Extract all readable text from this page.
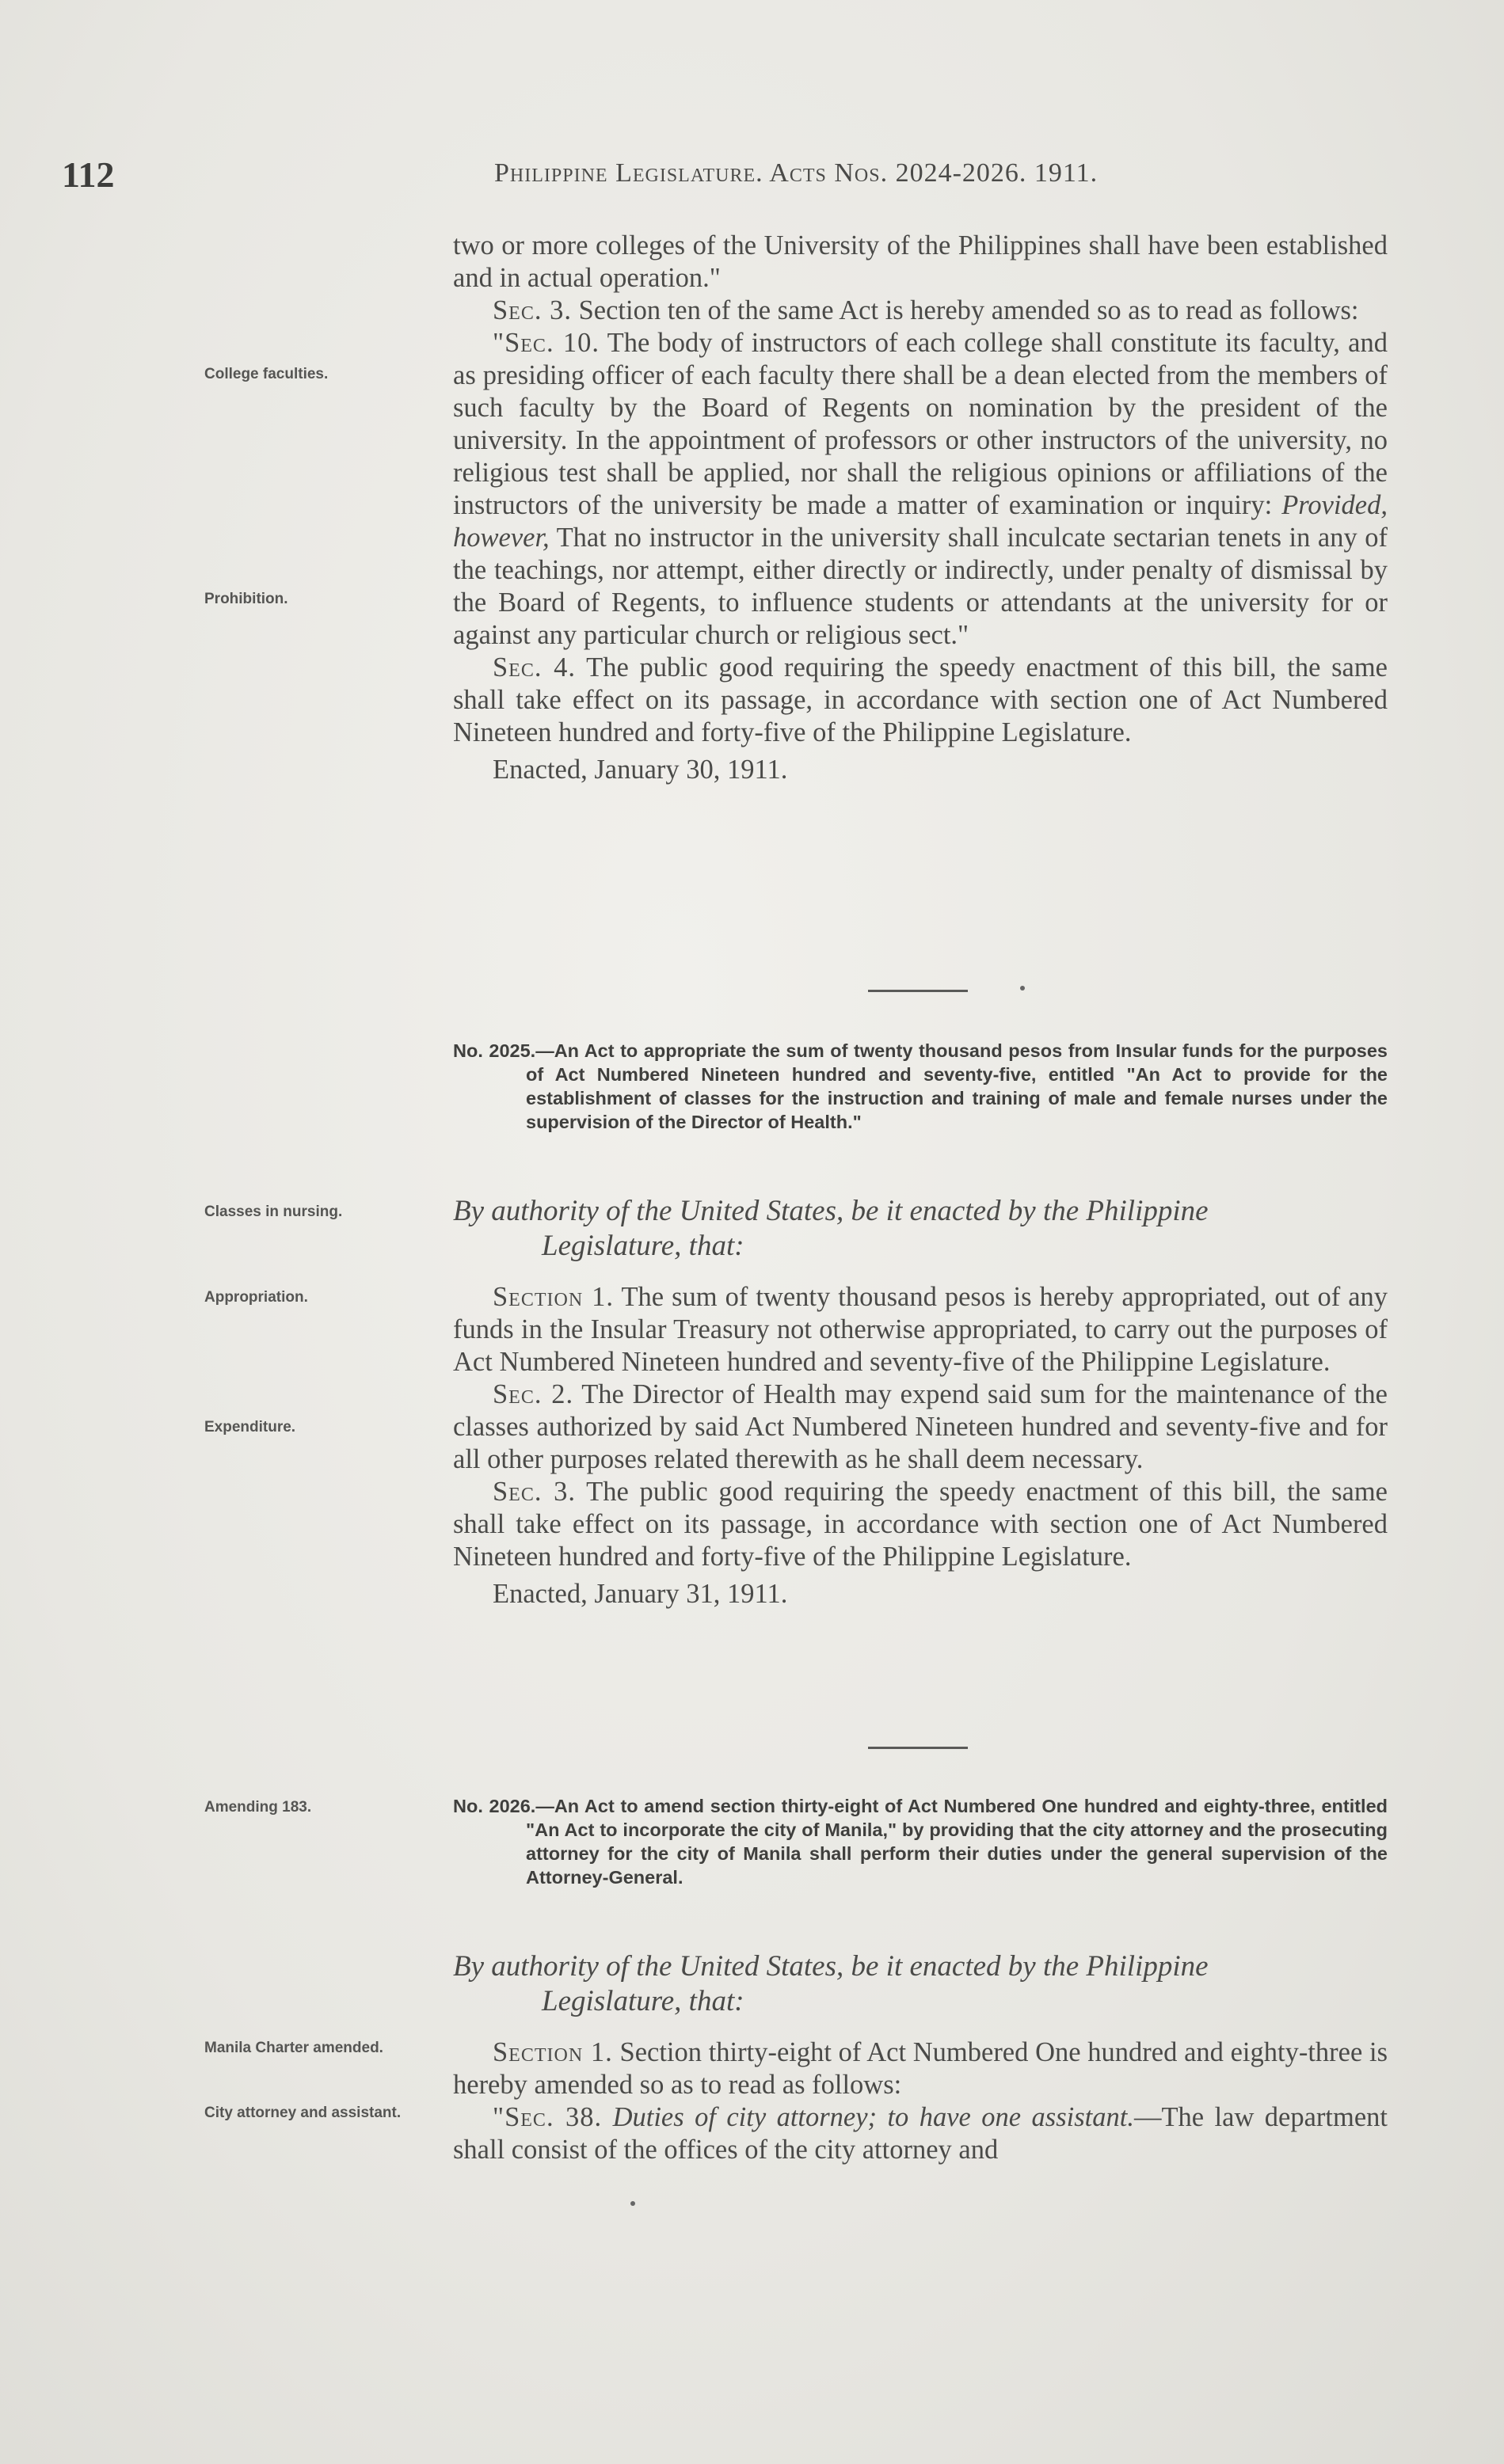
112	Philippine Legislature. Acts Nos. 2024-2026. 1911.

two or more colleges of the University of the Philippines shall have been established and in actual operation."

Sec. 3. Section ten of the same Act is hereby amended so as to read as follows:

"Sec. 10. The body of instructors of each college shall constitute its faculty, and as presiding officer of each faculty there shall be a dean elected from the members of such faculty by the Board of Regents on nomination by the president of the university. In the appointment of professors or other instructors of the university, no religious test shall be applied, nor shall the religious opinions or affiliations of the instructors of the university be made a matter of examination or inquiry: Provided, however, That no instructor in the university shall inculcate sectarian tenets in any of the teachings, nor attempt, either directly or indirectly, under penalty of dismissal by the Board of Regents, to influence students or attendants at the university for or against any particular church or religious sect."

Sec. 4. The public good requiring the speedy enactment of this bill, the same shall take effect on its passage, in accordance with section one of Act Numbered Nineteen hundred and forty-five of the Philippine Legislature.

Enacted, January 30, 1911.

College faculties.
Prohibition.
No. 2025.—An Act to appropriate the sum of twenty thousand pesos from Insular funds for the purposes of Act Numbered Nineteen hundred and seventy-five, entitled "An Act to provide for the establishment of classes for the instruction and training of male and female nurses under the supervision of the Director of Health."
Classes in nursing.	By authority of the United States, be it enacted by the Philippine
Legislature, that:
Appropriation.
Expenditure.

Section 1. The sum of twenty thousand pesos is hereby appropriated, out of any funds in the Insular Treasury not otherwise appropriated, to carry out the purposes of Act Numbered Nineteen hundred and seventy-five of the Philippine Legislature.

Sec. 2. The Director of Health may expend said sum for the maintenance of the classes authorized by said Act Numbered Nineteen hundred and seventy-five and for all other purposes related therewith as he shall deem necessary.

Sec. 3. The public good requiring the speedy enactment of this bill, the same shall take effect on its passage, in accordance with section one of Act Numbered Nineteen hundred and forty-five of the Philippine Legislature.

Enacted, January 31, 1911.

Amending 183.	No. 2026.—An Act to amend section thirty-eight of Act Numbered One hundred and eighty-three, entitled "An Act to incorporate the city of Manila," by providing that the city attorney and the prosecuting attorney for the city of Manila shall perform their duties under the general supervision of the Attorney-General.
By authority of the United States, be it enacted by the Philippine
Legislature, that:
Manila Charter amended.
City attorney and assistant.

Section 1. Section thirty-eight of Act Numbered One hundred and eighty-three is hereby amended so as to read as follows:

"Sec. 38. Duties of city attorney; to have one assistant.—The law department shall consist of the offices of the city attorney and
